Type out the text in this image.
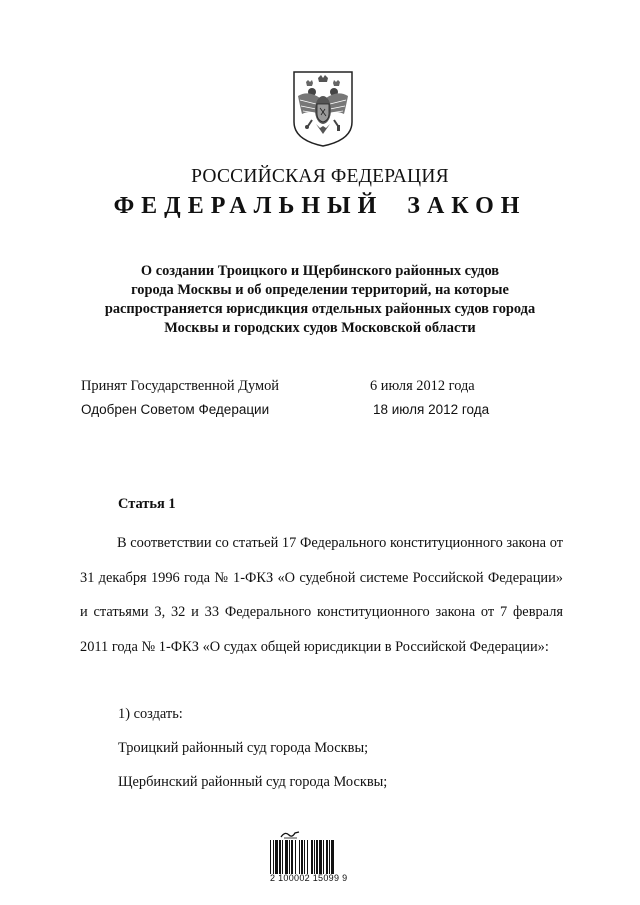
РОССИЙСКАЯ ФЕДЕРАЦИЯ
ФЕДЕРАЛЬНЫЙ ЗАКОН
О создании Троицкого и Щербинского районных судов
города Москвы и об определении территорий, на которые
распространяется юрисдикция отдельных районных судов города
Москвы и городских судов Московской области
Принят Государственной Думой	6 июля 2012 года
Одобрен Советом Федерации	18 июля 2012 года
Статья 1

В соответствии со статьей 17 Федерального конституционного закона от 31 декабря 1996 года № 1-ФКЗ «О судебной системе Российской Федерации» и статьями 3, 32 и 33 Федерального конституционного закона от 7 февраля 2011 года № 1-ФКЗ «О судах общей юрисдикции в Российской Федерации»:

1) создать:
Троицкий районный суд города Москвы;
Щербинский районный суд города Москвы;
2 100002 15099 9
